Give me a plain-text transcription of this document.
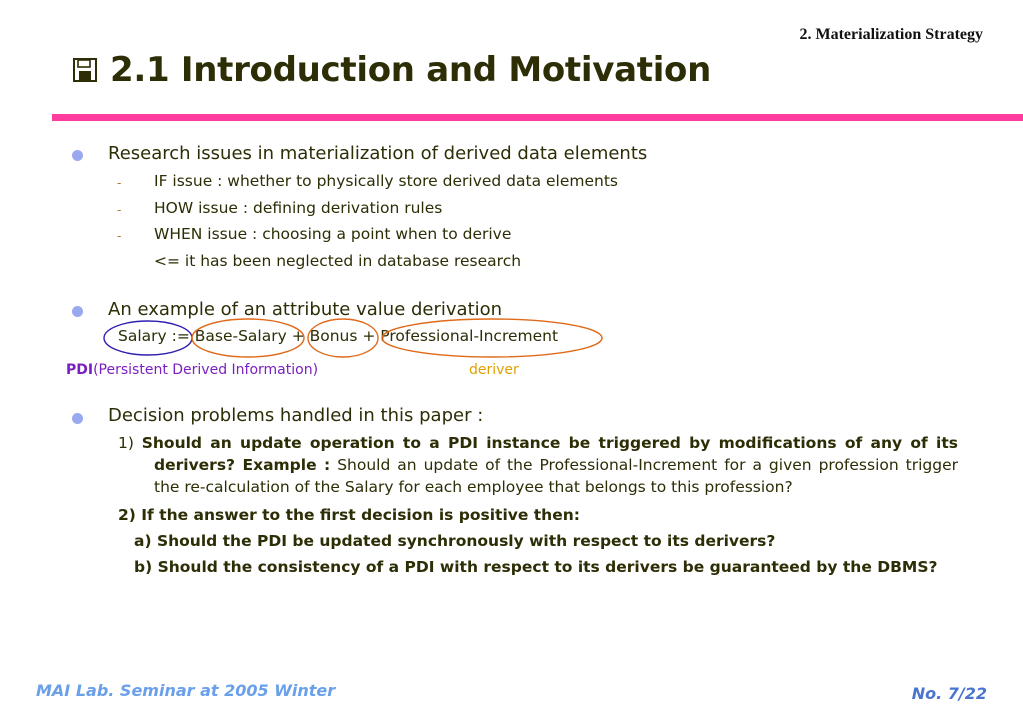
2. Materialization Strategy
2.1 Introduction and Motivation
Research issues in materialization of derived data elements
- IF issue : whether to physically store derived data elements
- HOW issue : defining derivation rules
- WHEN issue : choosing a point when to derive
<= it has been neglected in database research
An example of an attribute value derivation
Salary := Base-Salary + Bonus + Professional-Increment
PDI(Persistent Derived Information)	deriver
Decision problems handled in this paper :
1) Should an update operation to a PDI instance be triggered by modifications of any of its derivers? Example : Should an update of the Professional-Increment for a given profession trigger the re-calculation of the Salary for each employee that belongs to this profession?
2) If the answer to the first decision is positive then:
a) Should the PDI be updated synchronously with respect to its derivers?
b) Should the consistency of a PDI with respect to its derivers be guaranteed by the DBMS?
MAI Lab. Seminar at 2005 Winter	No. 7/22
